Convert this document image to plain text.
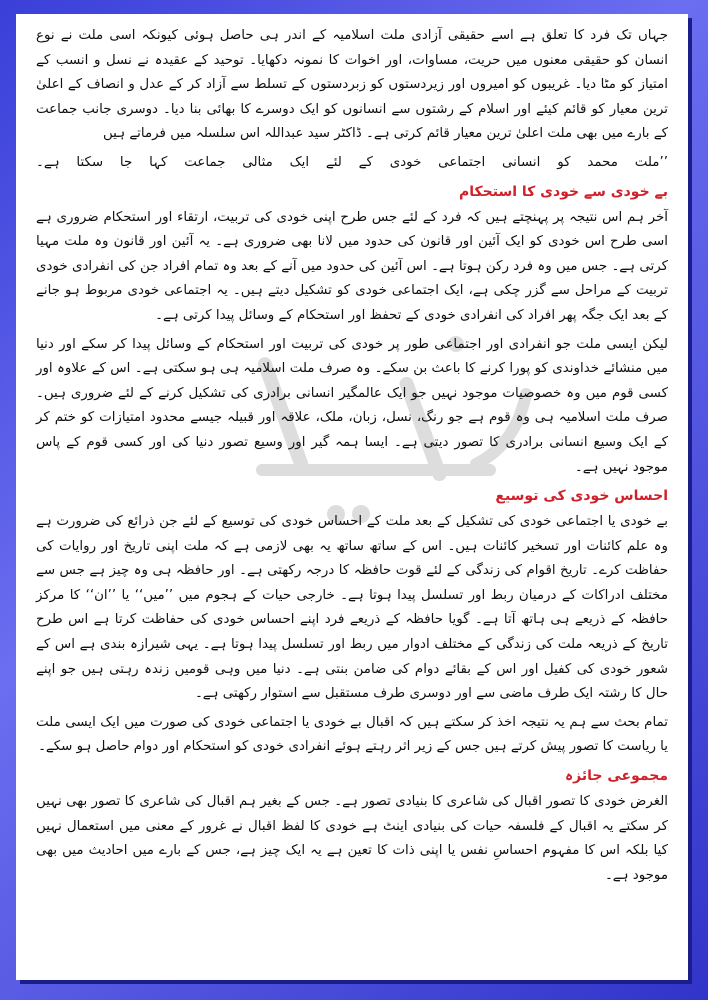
جہاں تک فرد کا تعلق ہے اسے حقیقی آزادی ملت اسلامیہ کے اندر ہی حاصل ہوئی کیونکہ اسی ملت نے نوع انسان کو حقیقی معنوں میں حریت، مساوات، اور اخوات کا نمونہ دکھایا۔ توحید کے عقیدہ نے نسل و انسب کے امتیاز کو مٹا دیا۔ غریبوں کو امیروں اور زیردستوں کو زبردستوں کے تسلط سے آزاد کر کے عدل و انصاف کے اعلیٰ ترین معیار کو قائم کیئے اور اسلام کے رشتوں سے انسانوں کو ایک دوسرے کا بھائی بنا دیا۔ دوسری جانب جماعت کے بارے میں بھی ملت اعلیٰ ترین معیار قائم کرتی ہے۔ ڈاکٹر سید عبداللہ اس سلسلہ میں فرماتے ہیں

’’ملت محمد کو انسانی اجتماعی خودی کے لئے ایک مثالی جماعت کہا جا سکتا ہے۔

بے خودی سے خودی کا استحکام

آخر ہم اس نتیجہ پر پہنچتے ہیں کہ فرد کے لئے جس طرح اپنی خودی کی تربیت، ارتقاء اور استحکام ضروری ہے اسی طرح اس خودی کو ایک آئین اور قانون کی حدود میں لانا بھی ضروری ہے۔ یہ آئین اور قانون وہ ملت مہیا کرتی ہے۔ جس میں وہ فرد رکن ہوتا ہے۔ اس آئین کی حدود میں آنے کے بعد وہ تمام افراد جن کی انفرادی خودی تربیت کے مراحل سے گزر چکی ہے، ایک اجتماعی خودی کو تشکیل دیتے ہیں۔ یہ اجتماعی خودی مربوط ہو جانے کے بعد ایک جگہ پھر افراد کی انفرادی خودی کے تحفظ اور استحکام کے وسائل پیدا کرتی ہے۔

لیکن ایسی ملت جو انفرادی اور اجتماعی طور پر خودی کی تربیت اور استحکام کے وسائل پیدا کر سکے اور دنیا میں منشائے خداوندی کو پورا کرنے کا باعث بن سکے۔ وہ صرف ملت اسلامیہ ہی ہو سکتی ہے۔ اس کے علاوہ اور کسی قوم میں وہ خصوصیات موجود نہیں جو ایک عالمگیر انسانی برادری کی تشکیل کرنے کے لئے ضروری ہیں۔ صرف ملت اسلامیہ ہی وہ قوم ہے جو رنگ، نسل، زبان، ملک، علاقہ اور قبیلہ جیسے محدود امتیازات کو ختم کر کے ایک وسیع انسانی برادری کا تصور دیتی ہے۔ ایسا ہمہ گیر اور وسیع تصور دنیا کی اور کسی قوم کے پاس موجود نہیں ہے۔

احساس خودی کی توسیع

بے خودی یا اجتماعی خودی کی تشکیل کے بعد ملت کے احساس خودی کی توسیع کے لئے جن ذرائع کی ضرورت ہے وہ علم کائنات اور تسخیر کائنات ہیں۔ اس کے ساتھ ساتھ یہ بھی لازمی ہے کہ ملت اپنی تاریخ اور روایات کی حفاظت کرے۔ تاریخ اقوام کی زندگی کے لئے قوت حافظہ کا درجہ رکھتی ہے۔ اور حافظہ ہی وہ چیز ہے جس سے مختلف ادراکات کے درمیان ربط اور تسلسل پیدا ہوتا ہے۔ خارجی حیات کے ہجوم میں ’’میں‘‘ یا ’’ان‘‘ کا مرکز حافظہ کے ذریعے ہی ہاتھ آتا ہے۔ گویا حافظہ کے ذریعے فرد اپنے احساس خودی کی حفاظت کرتا ہے اس طرح تاریخ کے ذریعہ ملت کی زندگی کے مختلف ادوار میں ربط اور تسلسل پیدا ہوتا ہے۔ یہی شیرازہ بندی ہے اس کے شعور خودی کی کفیل اور اس کے بقائے دوام کی ضامن بنتی ہے۔ دنیا میں وہی قومیں زندہ رہتی ہیں جو اپنے حال کا رشتہ ایک طرف ماضی سے اور دوسری طرف مستقبل سے استوار رکھتی ہے۔

تمام بحث سے ہم یہ نتیجہ اخذ کر سکتے ہیں کہ اقبال بے خودی یا اجتماعی خودی کی صورت میں ایک ایسی ملت یا ریاست کا تصور پیش کرتے ہیں جس کے زیر اثر رہتے ہوئے انفرادی خودی کو استحکام اور دوام حاصل ہو سکے۔

مجموعی جائزہ

الغرض خودی کا تصور اقبال کی شاعری کا بنیادی تصور ہے۔ جس کے بغیر ہم اقبال کی شاعری کا تصور بھی نہیں کر سکتے یہ اقبال کے فلسفہ حیات کی بنیادی اینٹ ہے خودی کا لفظ اقبال نے غرور کے معنی میں استعمال نہیں کیا بلکہ اس کا مفہوم احساسِ نفس یا اپنی ذات کا تعین ہے یہ ایک چیز ہے، جس کے بارے میں احادیث میں بھی موجود ہے۔
